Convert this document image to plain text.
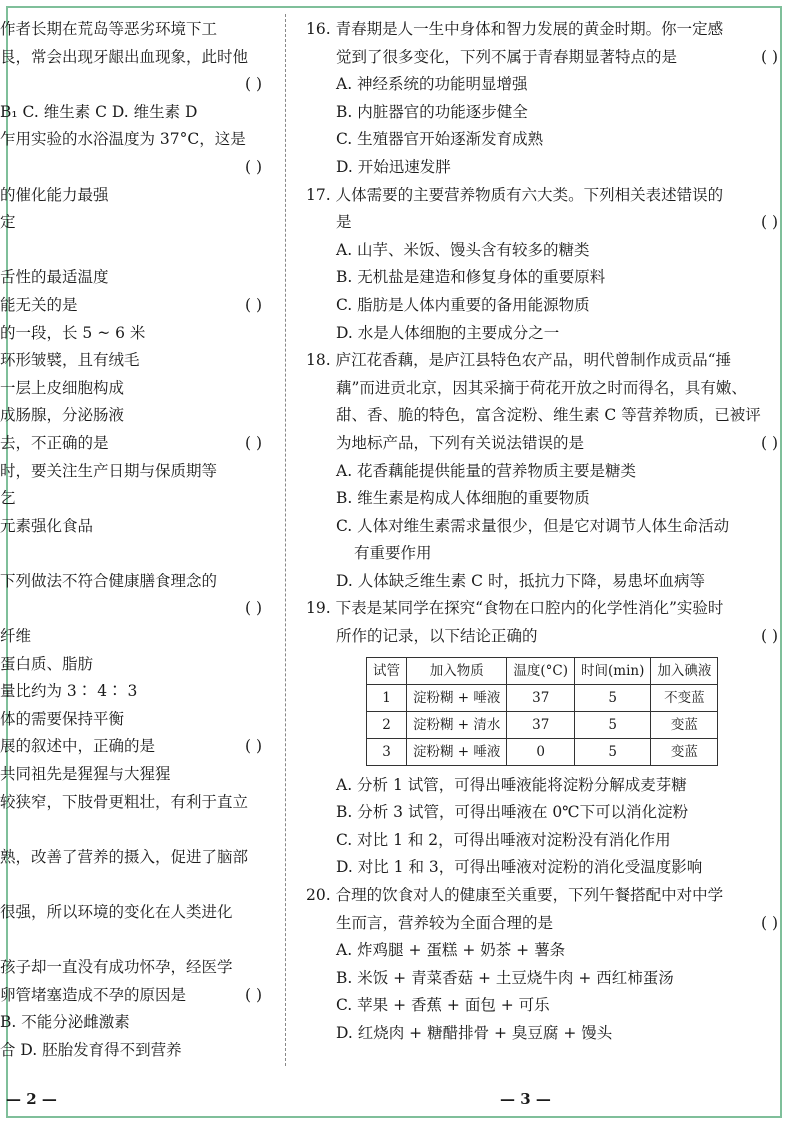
作者长期在荒岛等恶劣环境下工
艮，常会出现牙龈出血现象，此时他
( )

B₁ C. 维生素 C D. 维生素 D
乍用实验的水浴温度为 37°C，这是
( )

的催化能力最强
定

舌性的最适温度
能无关的是	( )
的一段，长 5 ~ 6 米
环形皱襞，且有绒毛
一层上皮细胞构成
成肠腺，分泌肠液
去，不正确的是	( )
时，要关注生产日期与保质期等
乞
元素强化食品

下列做法不符合健康膳食理念的
( )

纤维
蛋白质、脂肪
量比约为 3∶ 4∶ 3
体的需要保持平衡
展的叙述中，正确的是	( )
共同祖先是猩猩与大猩猩
较狭窄，下肢骨更粗壮，有利于直立

熟，改善了营养的摄入，促进了脑部

很强，所以环境的变化在人类进化

孩子却一直没有成功怀孕，经医学
卵管堵塞造成不孕的原因是	( )
B. 不能分泌雌激素
合 D. 胚胎发育得不到营养
16. 青春期是人一生中身体和智力发展的黄金时期。你一定感
觉到了很多变化，下列不属于青春期显著特点的是	( )
A. 神经系统的功能明显增强
B. 内脏器官的功能逐步健全
C. 生殖器官开始逐渐发育成熟
D. 开始迅速发胖
17. 人体需要的主要营养物质有六大类。下列相关表述错误的
是	( )
A. 山芋、米饭、馒头含有较多的糖类
B. 无机盐是建造和修复身体的重要原料
C. 脂肪是人体内重要的备用能源物质
D. 水是人体细胞的主要成分之一
18. 庐江花香藕，是庐江县特色农产品，明代曾制作成贡品“捶
藕”而进贡北京，因其采摘于荷花开放之时而得名，具有嫩、
甜、香、脆的特色，富含淀粉、维生素 C 等营养物质，已被评
为地标产品，下列有关说法错误的是	( )
A. 花香藕能提供能量的营养物质主要是糖类
B. 维生素是构成人体细胞的重要物质
C. 人体对维生素需求量很少，但是它对调节人体生命活动
有重要作用
D. 人体缺乏维生素 C 时，抵抗力下降，易患坏血病等
19. 下表是某同学在探究“食物在口腔内的化学性消化”实验时
所作的记录，以下结论正确的	( )
试管	加入物质	温度(°C)	时间(min)	加入碘液
1	淀粉糊 + 唾液	37	5	不变蓝
2	淀粉糊 + 清水	37	5	变蓝
3	淀粉糊 + 唾液	0	5	变蓝
A. 分析 1 试管，可得出唾液能将淀粉分解成麦芽糖
B. 分析 3 试管，可得出唾液在 0℃下可以消化淀粉
C. 对比 1 和 2，可得出唾液对淀粉没有消化作用
D. 对比 1 和 3，可得出唾液对淀粉的消化受温度影响
20. 合理的饮食对人的健康至关重要，下列午餐搭配中对中学
生而言，营养较为全面合理的是	( )
A. 炸鸡腿 + 蛋糕 + 奶茶 + 薯条
B. 米饭 + 青菜香菇 + 土豆烧牛肉 + 西红柿蛋汤
C. 苹果 + 香蕉 + 面包 + 可乐
D. 红烧肉 + 糖醋排骨 + 臭豆腐 + 馒头
— 2 —	— 3 —
